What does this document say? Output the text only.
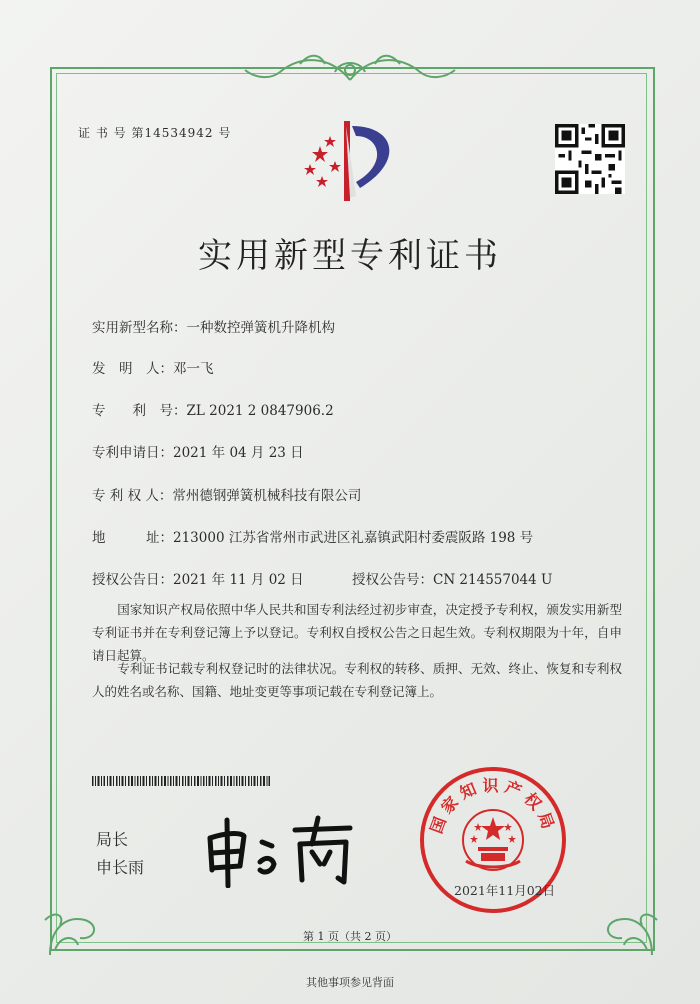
证 书 号 第14534942 号
实用新型专利证书
实用新型名称：一种数控弹簧机升降机构
发　明　人：邓一飞
专　　利　号：ZL 2021 2 0847906.2
专利申请日：2021 年 04 月 23 日
专 利 权 人：常州德钢弹簧机械科技有限公司
地　　　址：213000 江苏省常州市武进区礼嘉镇武阳村委震阪路 198 号
授权公告日：2021 年 11 月 02 日	授权公告号：CN 214557044 U
　　国家知识产权局依照中华人民共和国专利法经过初步审查，决定授予专利权，颁发实用新型专利证书并在专利登记簿上予以登记。专利权自授权公告之日起生效。专利权期限为十年，自申请日起算。
　　专利证书记载专利权登记时的法律状况。专利权的转移、质押、无效、终止、恢复和专利权人的姓名或名称、国籍、地址变更等事项记载在专利登记簿上。
局长
申长雨
国家知识产权局
2021年11月02日
第 1 页（共 2 页）
其他事项参见背面
